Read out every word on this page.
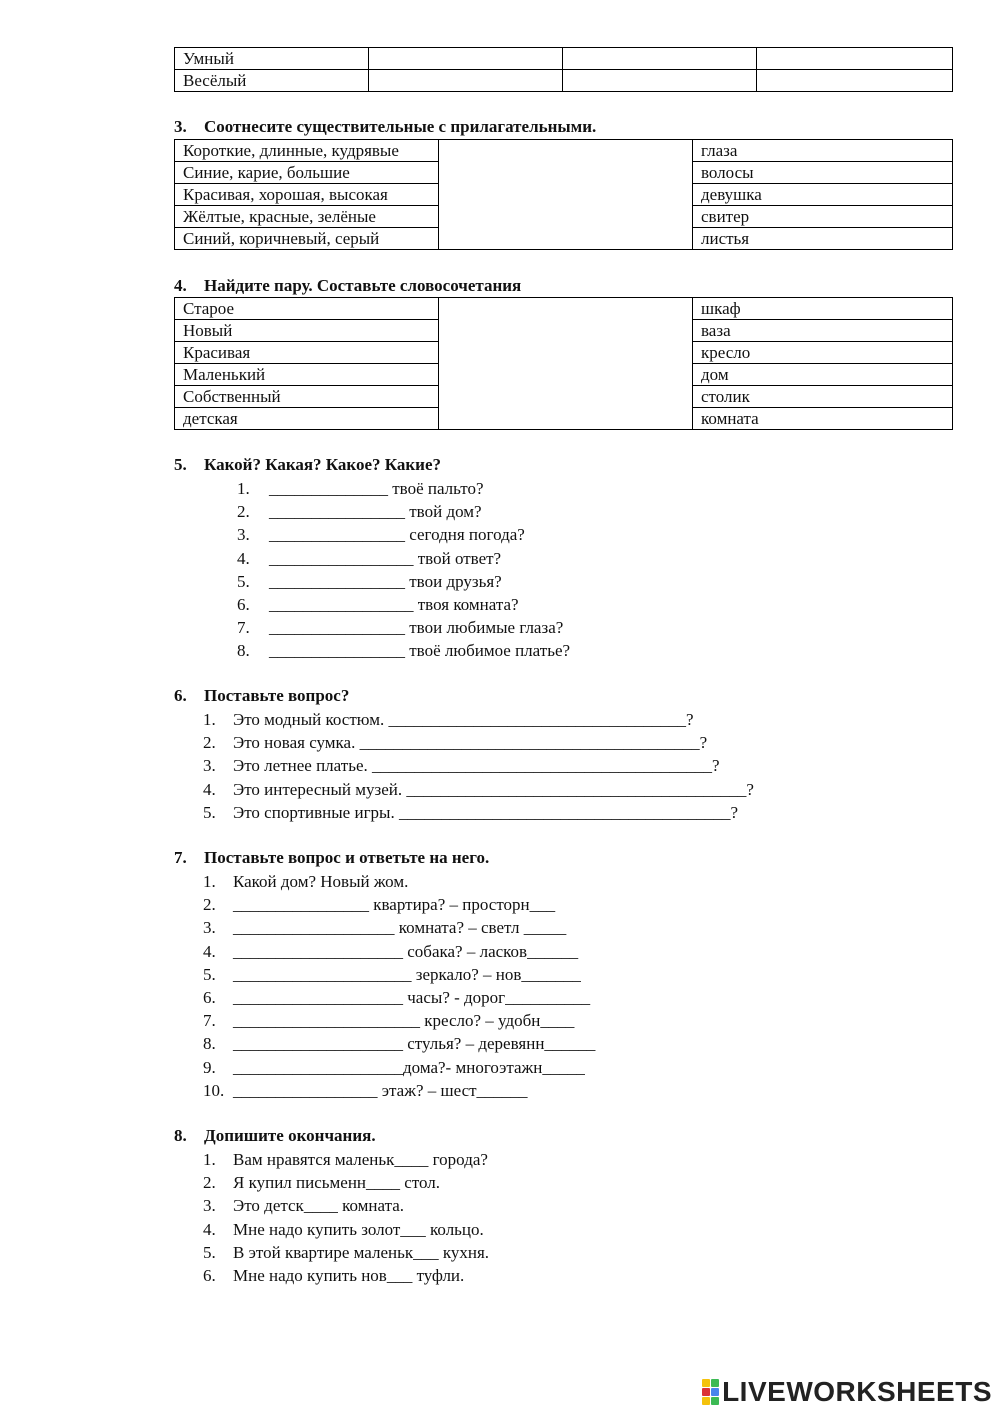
Умный			
Весёлый			
3. Соотнесите существительные с прилагательными.
Короткие, длинные, кудрявые		глаза
Синие, карие, большие		волосы
Красивая, хорошая, высокая		девушка
Жёлтые, красные, зелёные		свитер
Синий, коричневый, серый		листья
4. Найдите пару. Составьте словосочетания
Старое		шкаф
Новый		ваза
Красивая		кресло
Маленький		дом
Собственный		столик
детская		комната
5. Какой? Какая? Какое? Какие?
1. ______________ твоё пальто?
2. ________________ твой дом?
3. ________________ сегодня погода?
4. _________________ твой ответ?
5. ________________ твои друзья?
6. _________________ твоя комната?
7. ________________ твои любимые глаза?
8. ________________ твоё любимое платье?
6. Поставьте вопрос?
1. Это модный костюм. ___________________________________?
2. Это новая сумка. ________________________________________?
3. Это летнее платье. ________________________________________?
4. Это интересный музей. ________________________________________?
5. Это спортивные игры. _______________________________________?
7. Поставьте вопрос и ответьте на него.
1. Какой дом? Новый жом.
2. ________________ квартира? – просторн___
3. ___________________ комната? – светл _____
4. ____________________ собака? – ласков______
5. _____________________ зеркало? – нов_______
6. ____________________ часы? - дорог__________
7. ______________________ кресло? – удобн____
8. ____________________ стулья? – деревянн______
9. ____________________дома?- многоэтажн_____
10. _________________ этаж? – шест______
8. Допишите окончания.
1. Вам нравятся маленьк____ города?
2. Я купил письменн____ стол.
3. Это детск____ комната.
4. Мне надо купить золот___ кольцо.
5. В этой квартире маленьк___ кухня.
6. Мне надо купить нов___ туфли.
LIVEWORKSHEETS
